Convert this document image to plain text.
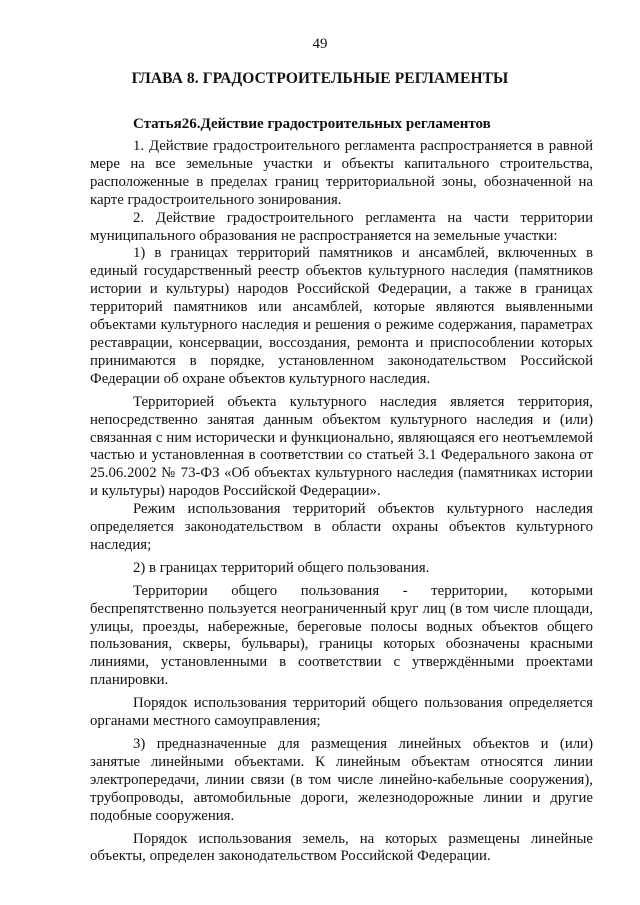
49
ГЛАВА 8. ГРАДОСТРОИТЕЛЬНЫЕ РЕГЛАМЕНТЫ
Статья26.Действие градостроительных регламентов

1. Действие градостроительного регламента распространяется в равной мере на все земельные участки и объекты капитального строительства, расположенные в пределах границ территориальной зоны, обозначенной на карте градостроительного зонирования.

2. Действие градостроительного регламента на части территории муниципального образования не распространяется на земельные участки:

1) в границах территорий памятников и ансамблей, включенных в единый государственный реестр объектов культурного наследия (памятников истории и культуры) народов Российской Федерации, а также в границах территорий памятников или ансамблей, которые являются выявленными объектами культурного наследия и решения о режиме содержания, параметрах реставрации, консервации, воссоздания, ремонта и приспособлении которых принимаются в порядке, установленном законодательством Российской Федерации об охране объектов культурного наследия.

Территорией объекта культурного наследия является территория, непосредственно занятая данным объектом культурного наследия и (или) связанная с ним исторически и функционально, являющаяся его неотъемлемой частью и установленная в соответствии со статьей 3.1 Федерального закона от 25.06.2002 № 73-ФЗ «Об объектах культурного наследия (памятниках истории и культуры) народов Российской Федерации».

Режим использования территорий объектов культурного наследия определяется законодательством в области охраны объектов культурного наследия;

2) в границах территорий общего пользования.

Территории общего пользования - территории, которыми беспрепятственно пользуется неограниченный круг лиц (в том числе площади, улицы, проезды, набережные, береговые полосы водных объектов общего пользования, скверы, бульвары), границы которых обозначены красными линиями, установленными в соответствии с утверждёнными проектами планировки.

Порядок использования территорий общего пользования определяется органами местного самоуправления;

3) предназначенные для размещения линейных объектов и (или) занятые линейными объектами. К линейным объектам относятся линии электропередачи, линии связи (в том числе линейно-кабельные сооружения), трубопроводы, автомобильные дороги, железнодорожные линии и другие подобные сооружения.

Порядок использования земель, на которых размещены линейные объекты, определен законодательством Российской Федерации.
